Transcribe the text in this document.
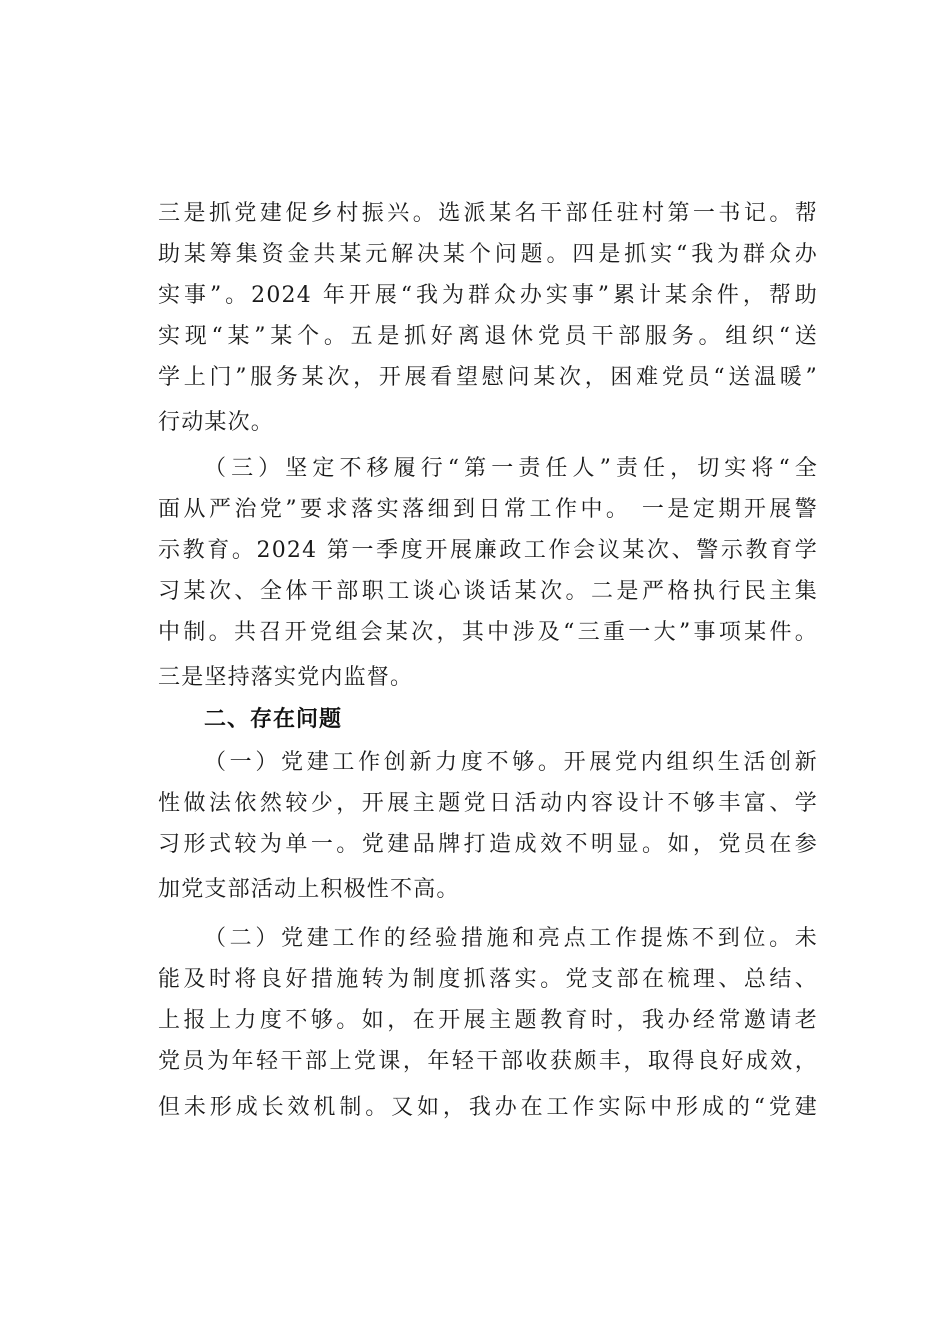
三是抓党建促乡村振兴。选派某名干部任驻村第一书记。帮
助某筹集资金共某元解决某个问题。四是抓实“我为群众办
实事”。2024 年开展“我为群众办实事”累计某余件，帮助
实现“某”某个。五是抓好离退休党员干部服务。组织“送
学上门”服务某次，开展看望慰问某次，困难党员“送温暖”
行动某次。
（三）坚定不移履行“第一责任人”责任，切实将“全
面从严治党”要求落实落细到日常工作中。 一是定期开展警
示教育。2024 第一季度开展廉政工作会议某次、警示教育学
习某次、全体干部职工谈心谈话某次。二是严格执行民主集
中制。共召开党组会某次，其中涉及“三重一大”事项某件。
三是坚持落实党内监督。
二、存在问题
（一）党建工作创新力度不够。开展党内组织生活创新
性做法依然较少，开展主题党日活动内容设计不够丰富、学
习形式较为单一。党建品牌打造成效不明显。如，党员在参
加党支部活动上积极性不高。
（二）党建工作的经验措施和亮点工作提炼不到位。未
能及时将良好措施转为制度抓落实。党支部在梳理、总结、
上报上力度不够。如，在开展主题教育时，我办经常邀请老
党员为年轻干部上党课，年轻干部收获颇丰，取得良好成效，
但未形成长效机制。又如，我办在工作实际中形成的“党建
